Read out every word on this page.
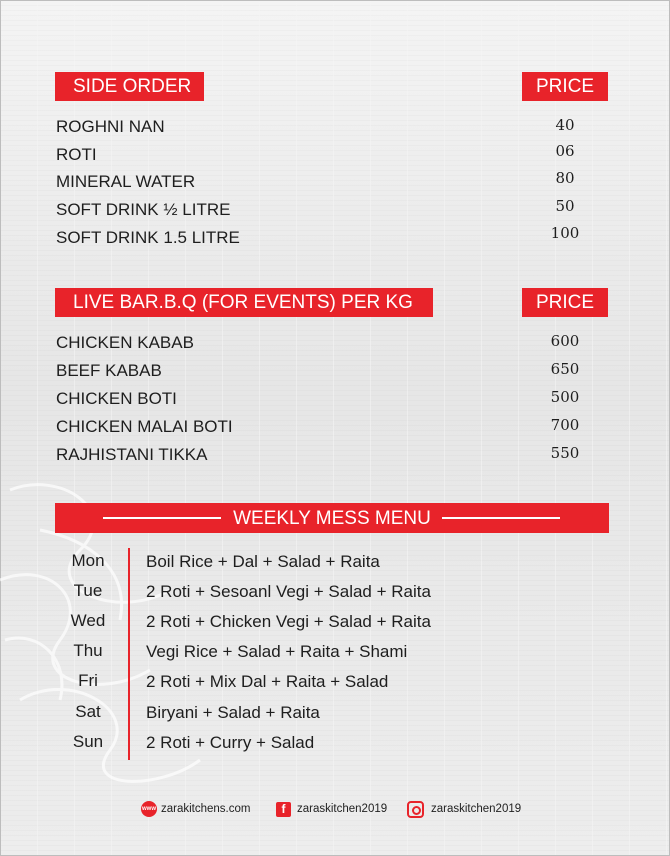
SIDE ORDER	PRICE
ROGHNI NAN	40
ROTI	06
MINERAL WATER	80
SOFT DRINK ½ LITRE	50
SOFT DRINK 1.5 LITRE	100
LIVE BAR.B.Q (FOR EVENTS) PER KG	PRICE
CHICKEN KABAB	600
BEEF KABAB	650
CHICKEN BOTI	500
CHICKEN MALAI BOTI	700
RAJHISTANI TIKKA	550
WEEKLY MESS MENU
Mon	Boil Rice + Dal + Salad + Raita
Tue	2 Roti + Sesoanl Vegi + Salad + Raita
Wed 2 Roti + Chicken Vegi + Salad + Raita
Thu	Vegi Rice + Salad + Raita + Shami
Fri	2 Roti + Mix Dal + Raita + Salad
Sat	Biryani + Salad + Raita
Sun	2 Roti + Curry + Salad
www zarakitchens.com	f	zaraskitchen2019	zaraskitchen2019
